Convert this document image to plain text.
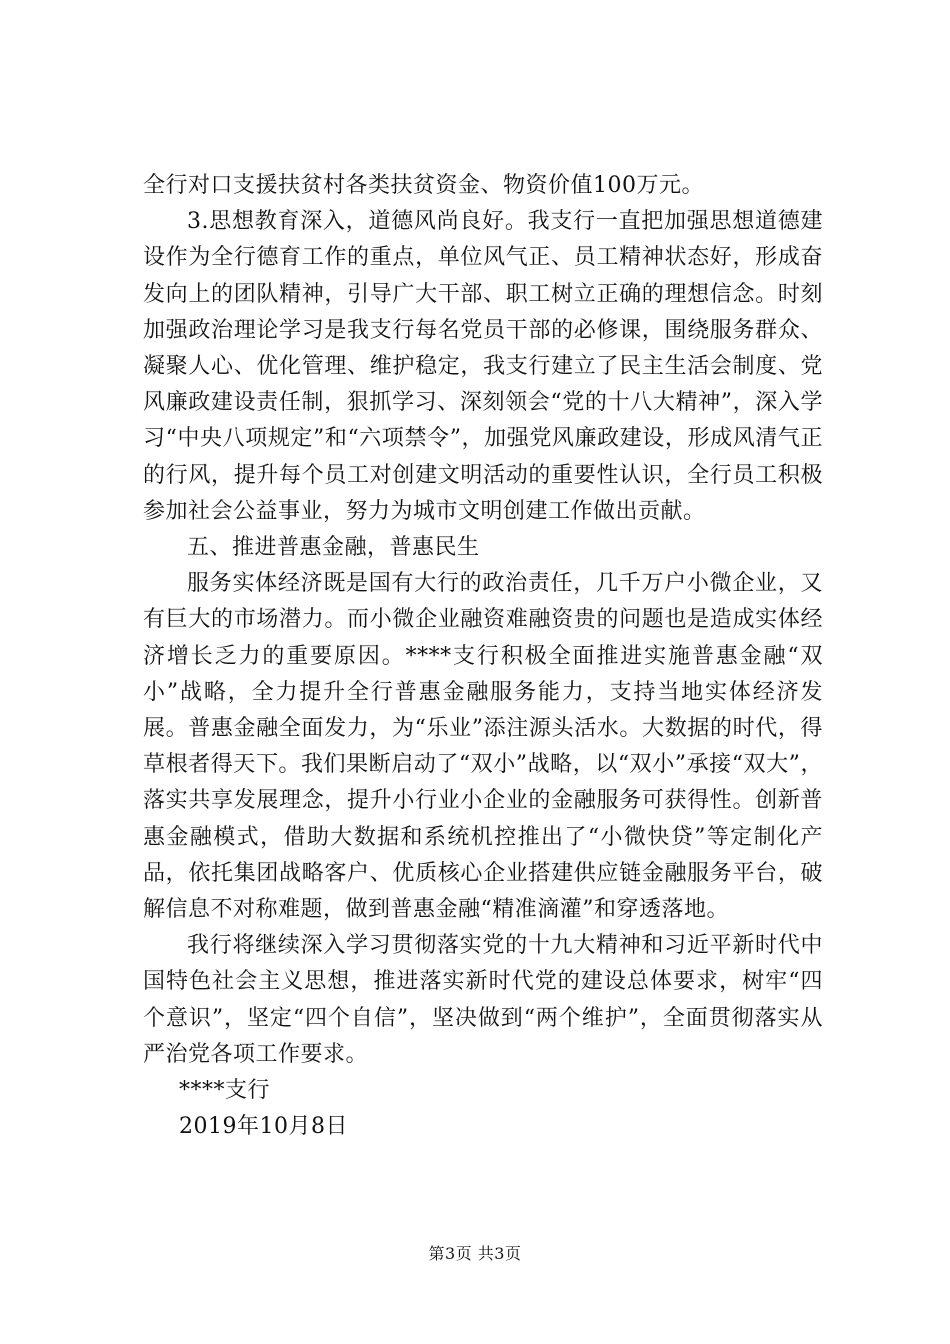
全行对口支援扶贫村各类扶贫资金、物资价值100万元。

3.思想教育深入，道德风尚良好。我支行一直把加强思想道德建设作为全行德育工作的重点，单位风气正、员工精神状态好，形成奋发向上的团队精神，引导广大干部、职工树立正确的理想信念。时刻加强政治理论学习是我支行每名党员干部的必修课，围绕服务群众、凝聚人心、优化管理、维护稳定，我支行建立了民主生活会制度、党风廉政建设责任制，狠抓学习、深刻领会“党的十八大精神”，深入学习“中央八项规定”和“六项禁令”，加强党风廉政建设，形成风清气正的行风，提升每个员工对创建文明活动的重要性认识，全行员工积极参加社会公益事业，努力为城市文明创建工作做出贡献。

五、推进普惠金融，普惠民生

服务实体经济既是国有大行的政治责任，几千万户小微企业，又有巨大的市场潜力。而小微企业融资难融资贵的问题也是造成实体经济增长乏力的重要原因。****支行积极全面推进实施普惠金融“双小”战略，全力提升全行普惠金融服务能力，支持当地实体经济发展。普惠金融全面发力，为“乐业”添注源头活水。大数据的时代，得草根者得天下。我们果断启动了“双小”战略，以“双小”承接“双大”，落实共享发展理念，提升小行业小企业的金融服务可获得性。创新普惠金融模式，借助大数据和系统机控推出了“小微快贷”等定制化产品，依托集团战略客户、优质核心企业搭建供应链金融服务平台，破解信息不对称难题，做到普惠金融“精准滴灌”和穿透落地。

我行将继续深入学习贯彻落实党的十九大精神和习近平新时代中国特色社会主义思想，推进落实新时代党的建设总体要求，树牢“四个意识”，坚定“四个自信”，坚决做到“两个维护”，全面贯彻落实从严治党各项工作要求。

****支行

2019年10月8日

第3页 共3页
